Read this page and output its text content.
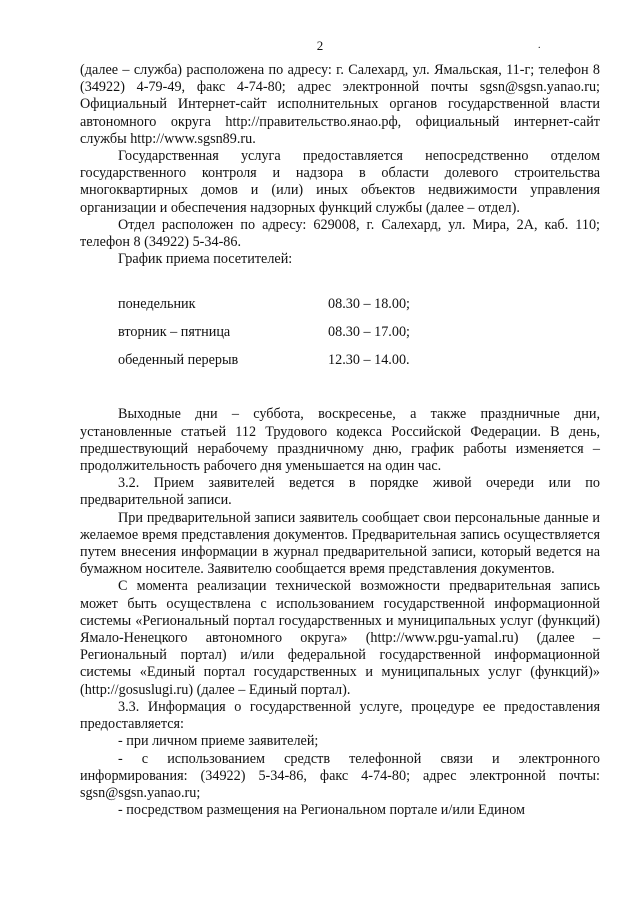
2	.

(далее – служба) расположена по адресу: г. Салехард, ул. Ямальская, 11-г; телефон 8 (34922) 4-79-49, факс 4-74-80; адрес электронной почты sgsn@sgsn.yanao.ru; Официальный Интернет-сайт исполнительных органов государственной власти автономного округа http://правительство.янао.рф, официальный интернет-сайт службы http://www.sgsn89.ru.

Государственная услуга предоставляется непосредственно отделом государственного контроля и надзора в области долевого строительства многоквартирных домов и (или) иных объектов недвижимости управления организации и обеспечения надзорных функций службы (далее – отдел).

Отдел расположен по адресу: 629008, г. Салехард, ул. Мира, 2А, каб. 110; телефон 8 (34922) 5-34-86.

График приема посетителей:

понедельник	08.30 – 18.00;
вторник – пятница	08.30 – 17.00;
обеденный перерыв	12.30 – 14.00.

Выходные дни – суббота, воскресенье, а также праздничные дни, установленные статьей 112 Трудового кодекса Российской Федерации. В день, предшествующий нерабочему праздничному дню, график работы изменяется – продолжительность рабочего дня уменьшается на один час.

3.2. Прием заявителей ведется в порядке живой очереди или по предварительной записи.

При предварительной записи заявитель сообщает свои персональные данные и желаемое время представления документов. Предварительная запись осуществляется путем внесения информации в журнал предварительной записи, который ведется на бумажном носителе. Заявителю сообщается время представления документов.

С момента реализации технической возможности предварительная запись может быть осуществлена с использованием государственной информационной системы «Региональный портал государственных и муниципальных услуг (функций) Ямало-Ненецкого автономного округа» (http://www.pgu-yamal.ru) (далее – Региональный портал) и/или федеральной государственной информационной системы «Единый портал государственных и муниципальных услуг (функций)» (http://gosuslugi.ru) (далее – Единый портал).

3.3. Информация о государственной услуге, процедуре ее предоставления предоставляется:

- при личном приеме заявителей;

- с использованием средств телефонной связи и электронного информирования: (34922) 5-34-86, факс 4-74-80; адрес электронной почты: sgsn@sgsn.yanao.ru;

- посредством размещения на Региональном портале и/или Едином
